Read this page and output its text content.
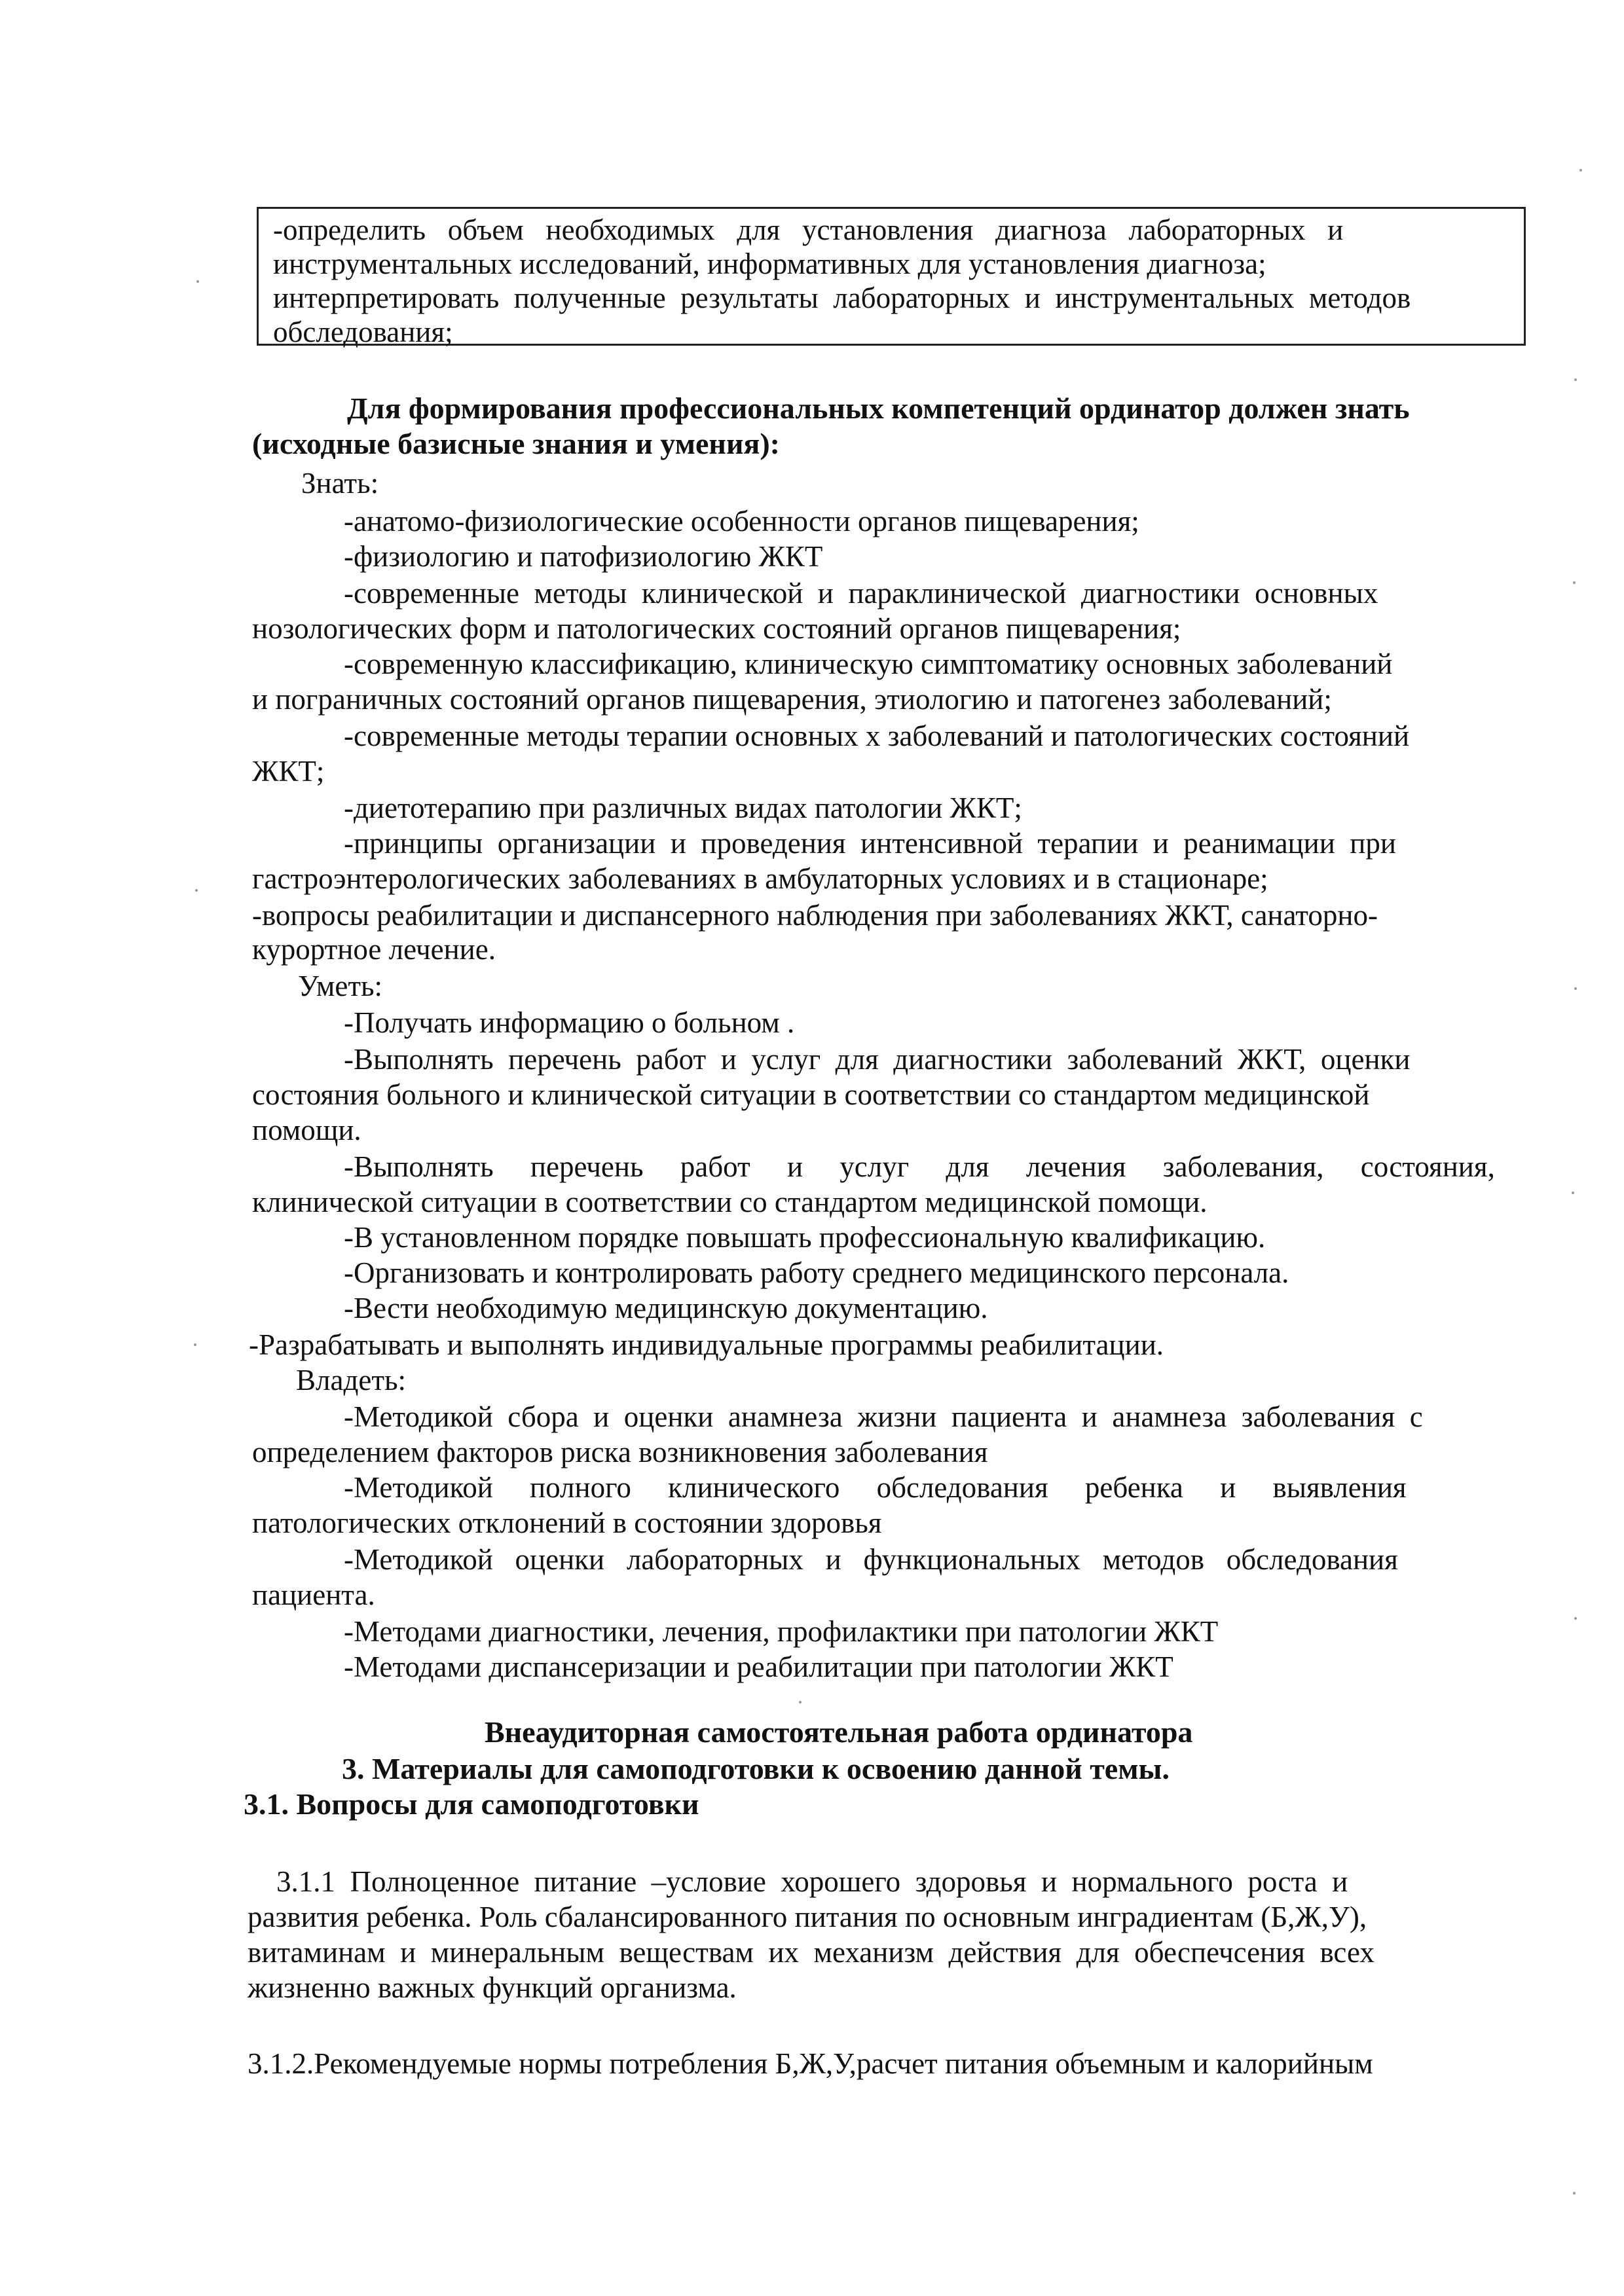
-определить   объем   необходимых   для   установления   диагноза   лабораторных   и

инструментальных исследований, информативных для установления диагноза;

интерпретировать  полученные  результаты  лабораторных  и  инструментальных  методов

обследования;

Для формирования профессиональных компетенций ординатор должен знать
(исходные базисные знания и умения):
Знать:
-анатомо-физиологические особенности органов пищеварения;
-физиологию и патофизиологию ЖКТ
-современные  методы  клинической  и  параклинической  диагностики  основных
нозологических форм и патологических состояний органов пищеварения;
-современную классификацию, клиническую симптоматику основных заболеваний
и пограничных состояний органов пищеварения, этиологию и патогенез заболеваний;
-современные методы терапии основных х заболеваний и патологических состояний
ЖКТ;
-диетотерапию при различных видах патологии ЖКТ;
-принципы  организации  и  проведения  интенсивной  терапии  и  реанимации  при
гастроэнтерологических заболеваниях в амбулаторных условиях и в стационаре;
-вопросы реабилитации и диспансерного наблюдения при заболеваниях ЖКТ, санаторно-
курортное лечение.
Уметь:
-Получать информацию о больном .
-Выполнять  перечень  работ  и  услуг  для  диагностики  заболеваний  ЖКТ,  оценки
состояния больного и клинической ситуации в соответствии со стандартом медицинской
помощи.
-Выполнять     перечень     работ     и     услуг     для     лечения     заболевания,     состояния,
клинической ситуации в соответствии со стандартом медицинской помощи.
-В установленном порядке повышать профессиональную квалификацию.
-Организовать и контролировать работу среднего медицинского персонала.
-Вести необходимую медицинскую документацию.
-Разрабатывать и выполнять индивидуальные программы реабилитации.
Владеть:
-Методикой  сбора  и  оценки  анамнеза  жизни  пациента  и  анамнеза  заболевания  с
определением факторов риска возникновения заболевания
-Методикой     полного     клинического     обследования     ребенка     и     выявления
патологических отклонений в состоянии здоровья
-Методикой   оценки   лабораторных   и   функциональных   методов   обследования
пациента.
-Методами диагностики, лечения, профилактики при патологии ЖКТ
-Методами диспансеризации и реабилитации при патологии ЖКТ
Внеаудиторная самостоятельная работа ординатора
3. Материалы для самоподготовки к освоению данной темы.
3.1. Вопросы для самоподготовки
3.1.1  Полноценное  питание  –условие  хорошего  здоровья  и  нормального  роста  и
развития ребенка. Роль сбалансированного питания по основным ингрaдиентам (Б,Ж,У),
витаминам  и  минеральным  веществам  их  механизм  действия  для  обеспечсения  всех
жизненно важных функций организма.
3.1.2.Рекомендуемые нормы потребления Б,Ж,У,расчет питания объемным и калорийным
